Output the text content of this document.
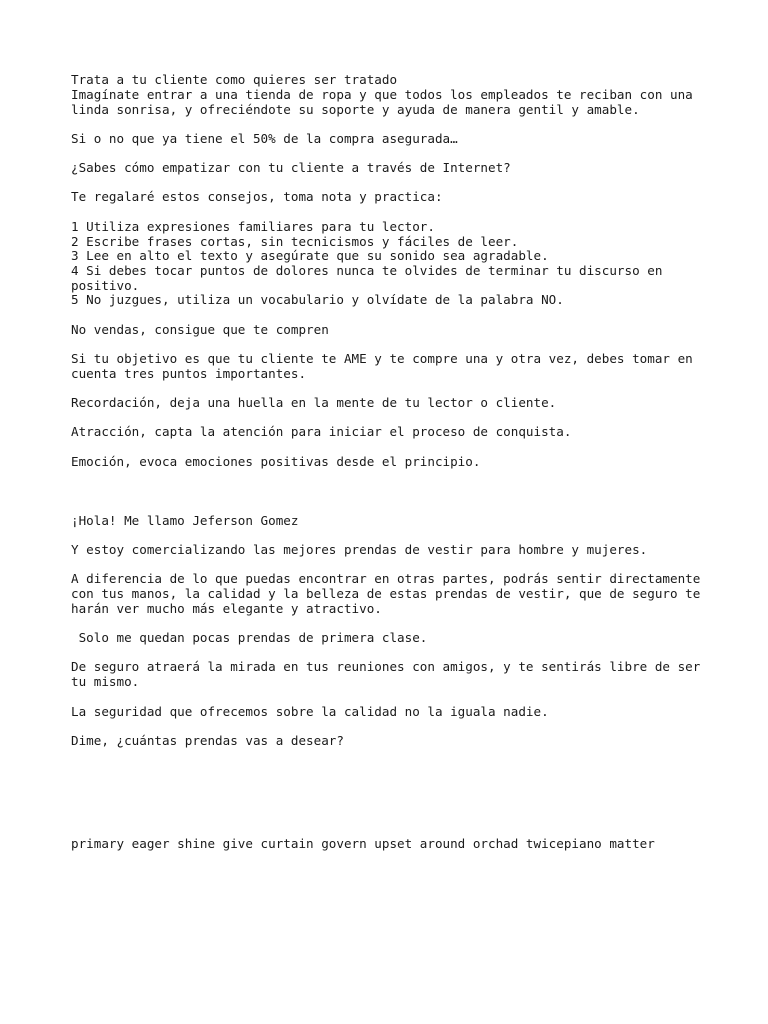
Trata a tu cliente como quieres ser tratado

Imagínate entrar a una tienda de ropa y que todos los empleados te reciban con una

linda sonrisa, y ofreciéndote su soporte y ayuda de manera gentil y amable.

Si o no que ya tiene el 50% de la compra asegurada…

¿Sabes cómo empatizar con tu cliente a través de Internet?

Te regalaré estos consejos, toma nota y practica:

1 Utiliza expresiones familiares para tu lector.

2 Escribe frases cortas, sin tecnicismos y fáciles de leer.

3 Lee en alto el texto y asegúrate que su sonido sea agradable.

4 Si debes tocar puntos de dolores nunca te olvides de terminar tu discurso en

positivo.

5 No juzgues, utiliza un vocabulario y olvídate de la palabra NO.

No vendas, consigue que te compren

Si tu objetivo es que tu cliente te AME y te compre una y otra vez, debes tomar en

cuenta tres puntos importantes.

Recordación, deja una huella en la mente de tu lector o cliente.

Atracción, capta la atención para iniciar el proceso de conquista.

Emoción, evoca emociones positivas desde el principio.

¡Hola! Me llamo Jeferson Gomez

Y estoy comercializando las mejores prendas de vestir para hombre y mujeres.

A diferencia de lo que puedas encontrar en otras partes, podrás sentir directamente

con tus manos, la calidad y la belleza de estas prendas de vestir, que de seguro te

harán ver mucho más elegante y atractivo.

Solo me quedan pocas prendas de primera clase.

De seguro atraerá la mirada en tus reuniones con amigos, y te sentirás libre de ser

tu mismo.

La seguridad que ofrecemos sobre la calidad no la iguala nadie.

Dime, ¿cuántas prendas vas a desear?

primary eager shine give curtain govern upset around orchad twicepiano matter
